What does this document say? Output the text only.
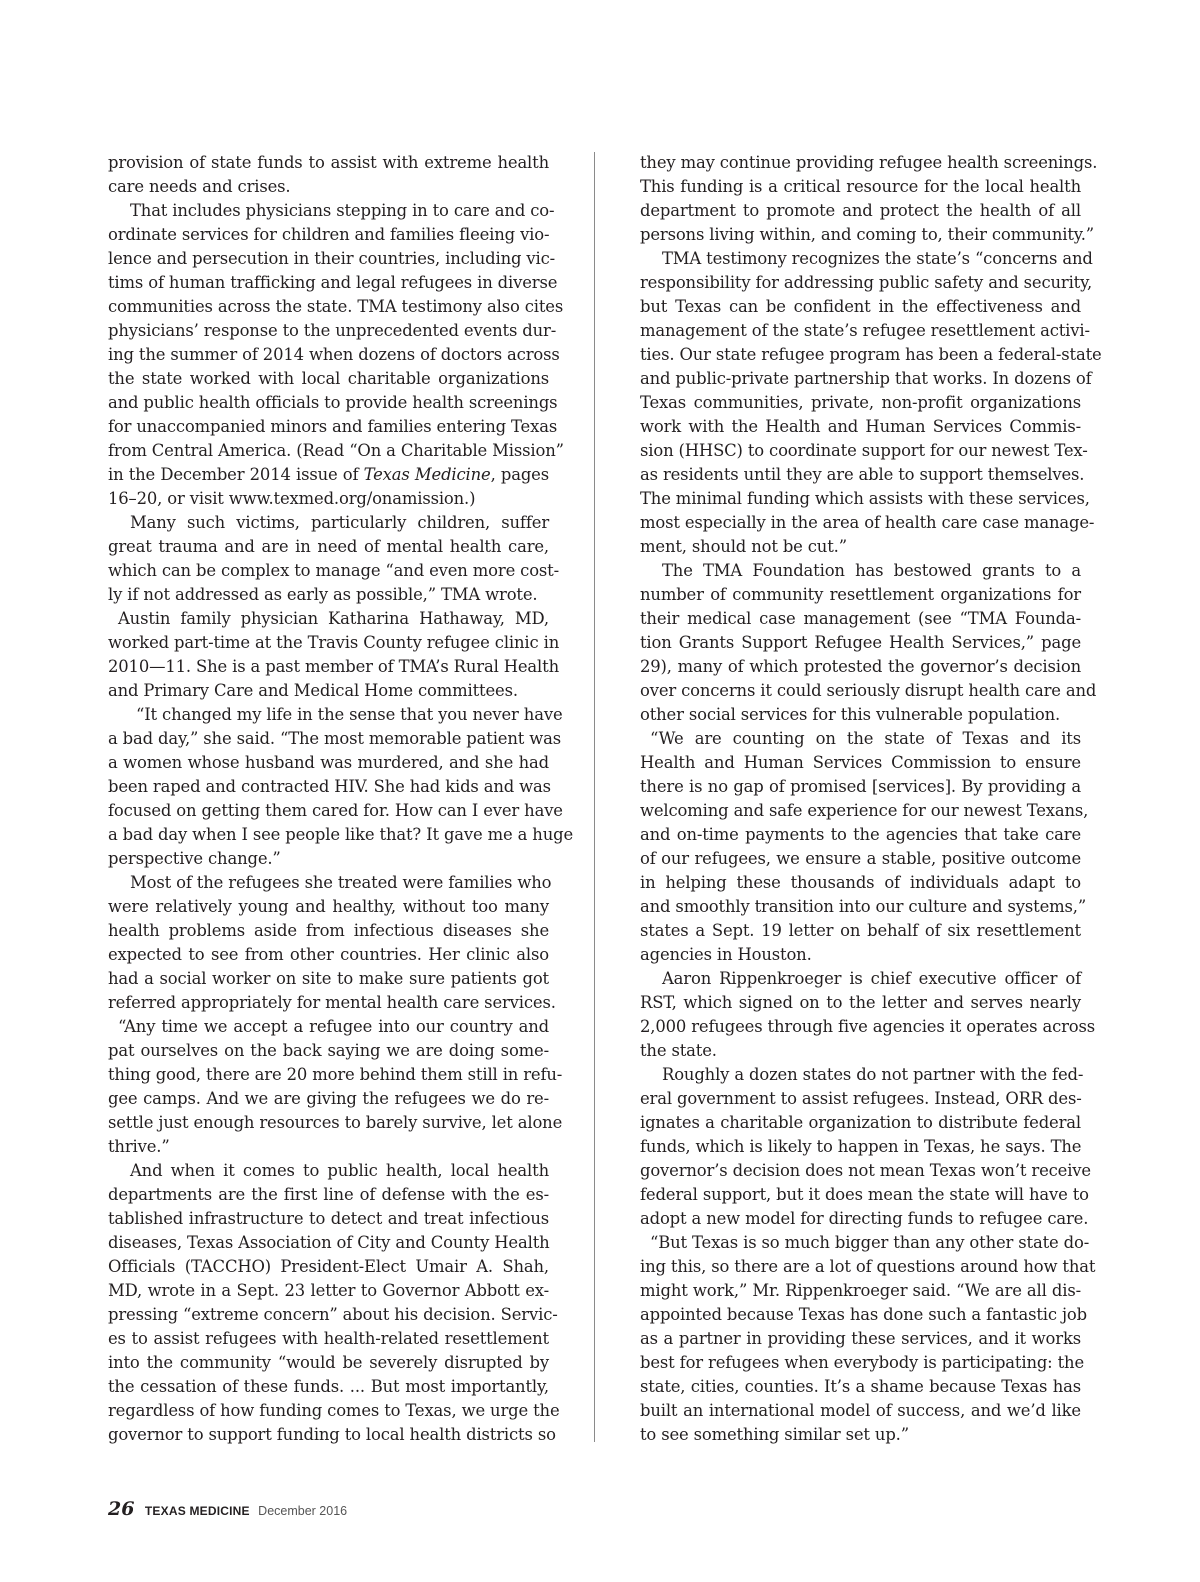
provision of state funds to assist with extreme health
care needs and crises.
That includes physicians stepping in to care and co-
ordinate services for children and families fleeing vio-
lence and persecution in their countries, including vic-
tims of human trafficking and legal refugees in diverse
communities across the state. TMA testimony also cites
physicians’ response to the unprecedented events dur-
ing the summer of 2014 when dozens of doctors across
the state worked with local charitable organizations
and public health officials to provide health screenings
for unaccompanied minors and families entering Texas
from Central America. (Read “On a Charitable Mission”
in the December 2014 issue of Texas Medicine, pages
16–20, or visit www.texmed.org/onamission.)
Many such victims, particularly children, suffer
great trauma and are in need of mental health care,
which can be complex to manage “and even more cost-
ly if not addressed as early as possible,” TMA wrote.
Austin family physician Katharina Hathaway, MD,
worked part-time at the Travis County refugee clinic in
2010—11. She is a past member of TMA’s Rural Health
and Primary Care and Medical Home committees.
“It changed my life in the sense that you never have
a bad day,” she said. “The most memorable patient was
a women whose husband was murdered, and she had
been raped and contracted HIV. She had kids and was
focused on getting them cared for. How can I ever have
a bad day when I see people like that? It gave me a huge
perspective change.”
Most of the refugees she treated were families who
were relatively young and healthy, without too many
health problems aside from infectious diseases she
expected to see from other countries. Her clinic also
had a social worker on site to make sure patients got
referred appropriately for mental health care services.
“Any time we accept a refugee into our country and
pat ourselves on the back saying we are doing some-
thing good, there are 20 more behind them still in refu-
gee camps. And we are giving the refugees we do re-
settle just enough resources to barely survive, let alone
thrive.”
And when it comes to public health, local health
departments are the first line of defense with the es-
tablished infrastructure to detect and treat infectious
diseases, Texas Association of City and County Health
Officials (TACCHO) President-Elect Umair A. Shah,
MD, wrote in a Sept. 23 letter to Governor Abbott ex-
pressing “extreme concern” about his decision. Servic-
es to assist refugees with health-related resettlement
into the community “would be severely disrupted by
the cessation of these funds. ... But most importantly,
regardless of how funding comes to Texas, we urge the
governor to support funding to local health districts so
they may continue providing refugee health screenings.
This funding is a critical resource for the local health
department to promote and protect the health of all
persons living within, and coming to, their community.”
TMA testimony recognizes the state’s “concerns and
responsibility for addressing public safety and security,
but Texas can be confident in the effectiveness and
management of the state’s refugee resettlement activi-
ties. Our state refugee program has been a federal-state
and public-private partnership that works. In dozens of
Texas communities, private, non-profit organizations
work with the Health and Human Services Commis-
sion (HHSC) to coordinate support for our newest Tex-
as residents until they are able to support themselves.
The minimal funding which assists with these services,
most especially in the area of health care case manage-
ment, should not be cut.”
The TMA Foundation has bestowed grants to a
number of community resettlement organizations for
their medical case management (see “TMA Founda-
tion Grants Support Refugee Health Services,” page
29), many of which protested the governor’s decision
over concerns it could seriously disrupt health care and
other social services for this vulnerable population.
“We are counting on the state of Texas and its
Health and Human Services Commission to ensure
there is no gap of promised [services]. By providing a
welcoming and safe experience for our newest Texans,
and on-time payments to the agencies that take care
of our refugees, we ensure a stable, positive outcome
in helping these thousands of individuals adapt to
and smoothly transition into our culture and systems,”
states a Sept. 19 letter on behalf of six resettlement
agencies in Houston.
Aaron Rippenkroeger is chief executive officer of
RST, which signed on to the letter and serves nearly
2,000 refugees through five agencies it operates across
the state.
Roughly a dozen states do not partner with the fed-
eral government to assist refugees. Instead, ORR des-
ignates a charitable organization to distribute federal
funds, which is likely to happen in Texas, he says. The
governor’s decision does not mean Texas won’t receive
federal support, but it does mean the state will have to
adopt a new model for directing funds to refugee care.
“But Texas is so much bigger than any other state do-
ing this, so there are a lot of questions around how that
might work,” Mr. Rippenkroeger said. “We are all dis-
appointed because Texas has done such a fantastic job
as a partner in providing these services, and it works
best for refugees when everybody is participating: the
state, cities, counties. It’s a shame because Texas has
built an international model of success, and we’d like
to see something similar set up.”
26 TEXAS MEDICINE December 2016
